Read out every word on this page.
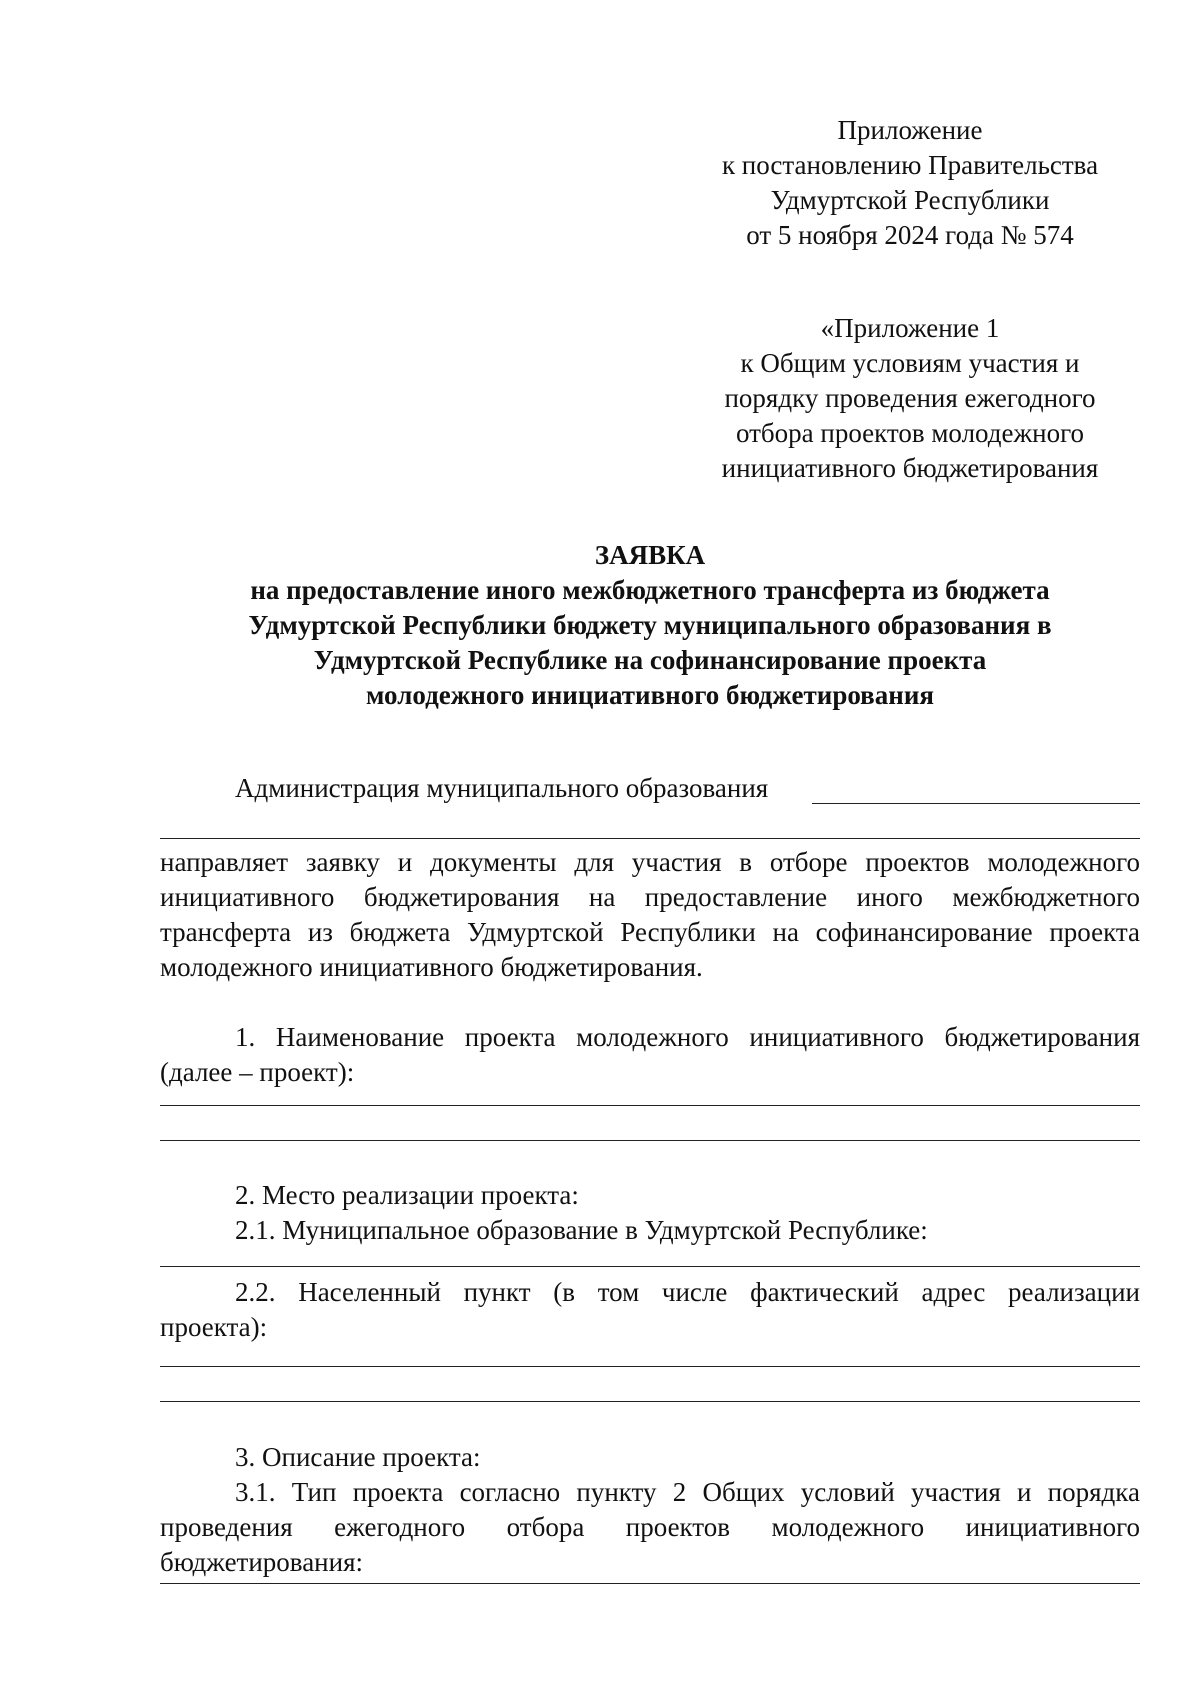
Приложение
к постановлению Правительства
Удмуртской Республики
от 5 ноября 2024 года № 574
«Приложение 1
к Общим условиям участия и
порядку проведения ежегодного
отбора проектов молодежного
инициативного бюджетирования
ЗАЯВКА
на предоставление иного межбюджетного трансферта из бюджета
Удмуртской Республики бюджету муниципального образования в
Удмуртской Республике на софинансирование проекта
молодежного инициативного бюджетирования
Администрация муниципального образования
направляет заявку и документы для участия в отборе проектов молодежного
инициативного бюджетирования на предоставление иного межбюджетного
трансферта из бюджета Удмуртской Республики на софинансирование проекта
молодежного инициативного бюджетирования.
1. Наименование проекта молодежного инициативного бюджетирования
(далее – проект):
2. Место реализации проекта:
2.1. Муниципальное образование в Удмуртской Республике:
2.2. Населенный пункт (в том числе фактический адрес реализации
проекта):
3. Описание проекта:
3.1. Тип проекта согласно пункту 2 Общих условий участия и порядка
проведения ежегодного отбора проектов молодежного инициативного
бюджетирования:
